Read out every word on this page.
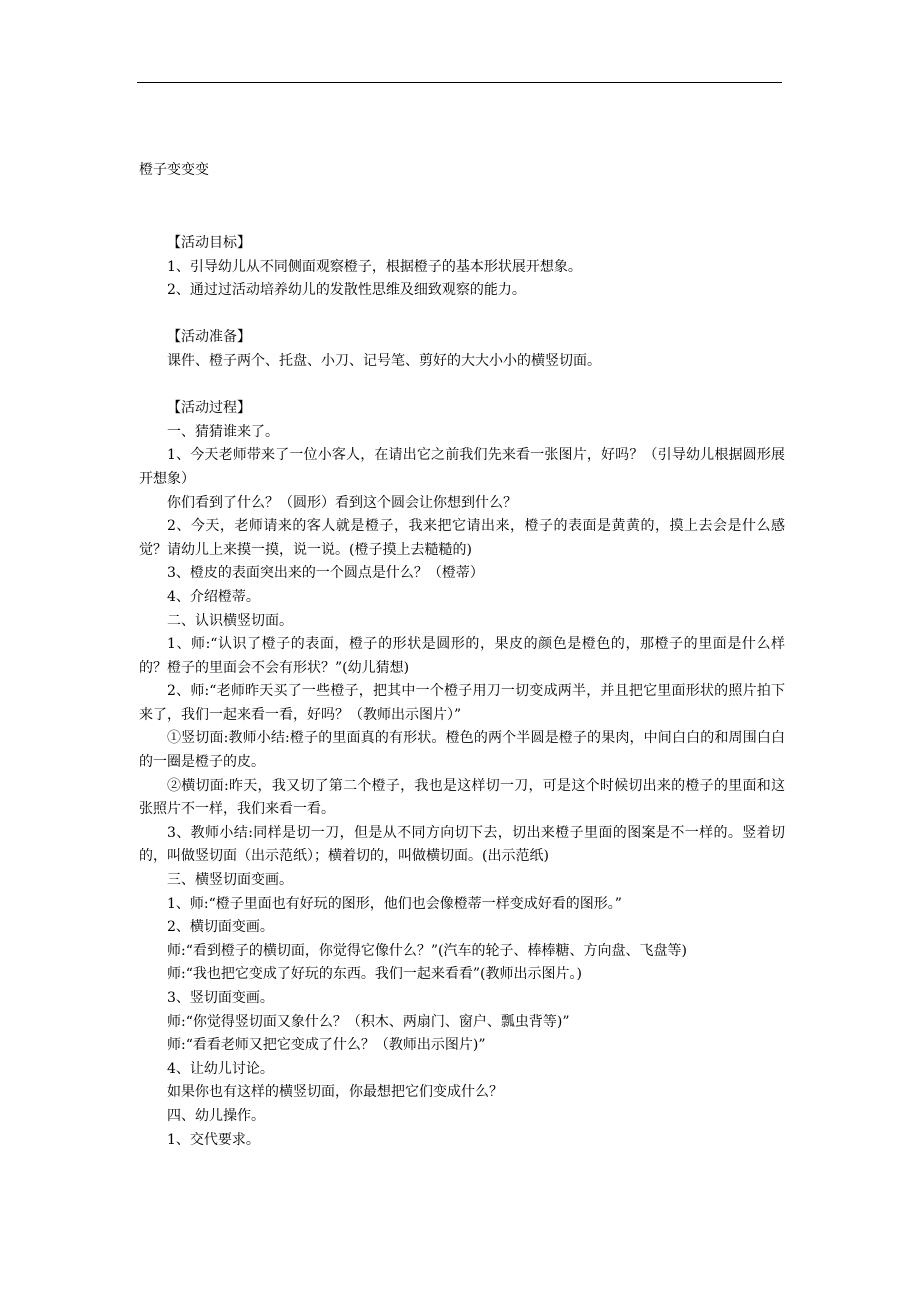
橙子变变变

【活动目标】

1、引导幼儿从不同侧面观察橙子，根据橙子的基本形状展开想象。

2、通过过活动培养幼儿的发散性思维及细致观察的能力。

【活动准备】

课件、橙子两个、托盘、小刀、记号笔、剪好的大大小小的横竖切面。

【活动过程】

一、猜猜谁来了。

1、今天老师带来了一位小客人，在请出它之前我们先来看一张图片，好吗？（引导幼儿根据圆形展开想象）

你们看到了什么？（圆形）看到这个圆会让你想到什么？

2、今天，老师请来的客人就是橙子，我来把它请出来，橙子的表面是黄黄的，摸上去会是什么感觉？请幼儿上来摸一摸，说一说。(橙子摸上去糙糙的)

3、橙皮的表面突出来的一个圆点是什么？（橙蒂）

4、介绍橙蒂。

二、认识横竖切面。

1、师:“认识了橙子的表面，橙子的形状是圆形的，果皮的颜色是橙色的，那橙子的里面是什么样的？橙子的里面会不会有形状？”(幼儿猜想)

2、师:“老师昨天买了一些橙子，把其中一个橙子用刀一切变成两半，并且把它里面形状的照片拍下来了，我们一起来看一看，好吗？（教师出示图片）”

①竖切面:教师小结:橙子的里面真的有形状。橙色的两个半圆是橙子的果肉，中间白白的和周围白白的一圈是橙子的皮。

②横切面:昨天，我又切了第二个橙子，我也是这样切一刀，可是这个时候切出来的橙子的里面和这张照片不一样，我们来看一看。

3、教师小结:同样是切一刀，但是从不同方向切下去，切出来橙子里面的图案是不一样的。竖着切的，叫做竖切面（出示范纸）；横着切的，叫做横切面。(出示范纸)

三、横竖切面变画。

1、师:“橙子里面也有好玩的图形，他们也会像橙蒂一样变成好看的图形。”

2、横切面变画。

师:“看到橙子的横切面，你觉得它像什么？”(汽车的轮子、棒棒糖、方向盘、飞盘等)

师:“我也把它变成了好玩的东西。我们一起来看看”(教师出示图片。)

3、竖切面变画。

师:“你觉得竖切面又象什么？（积木、两扇门、窗户、瓢虫背等)”

师:“看看老师又把它变成了什么？（教师出示图片)”

4、让幼儿讨论。

如果你也有这样的横竖切面，你最想把它们变成什么？

四、幼儿操作。

1、交代要求。
